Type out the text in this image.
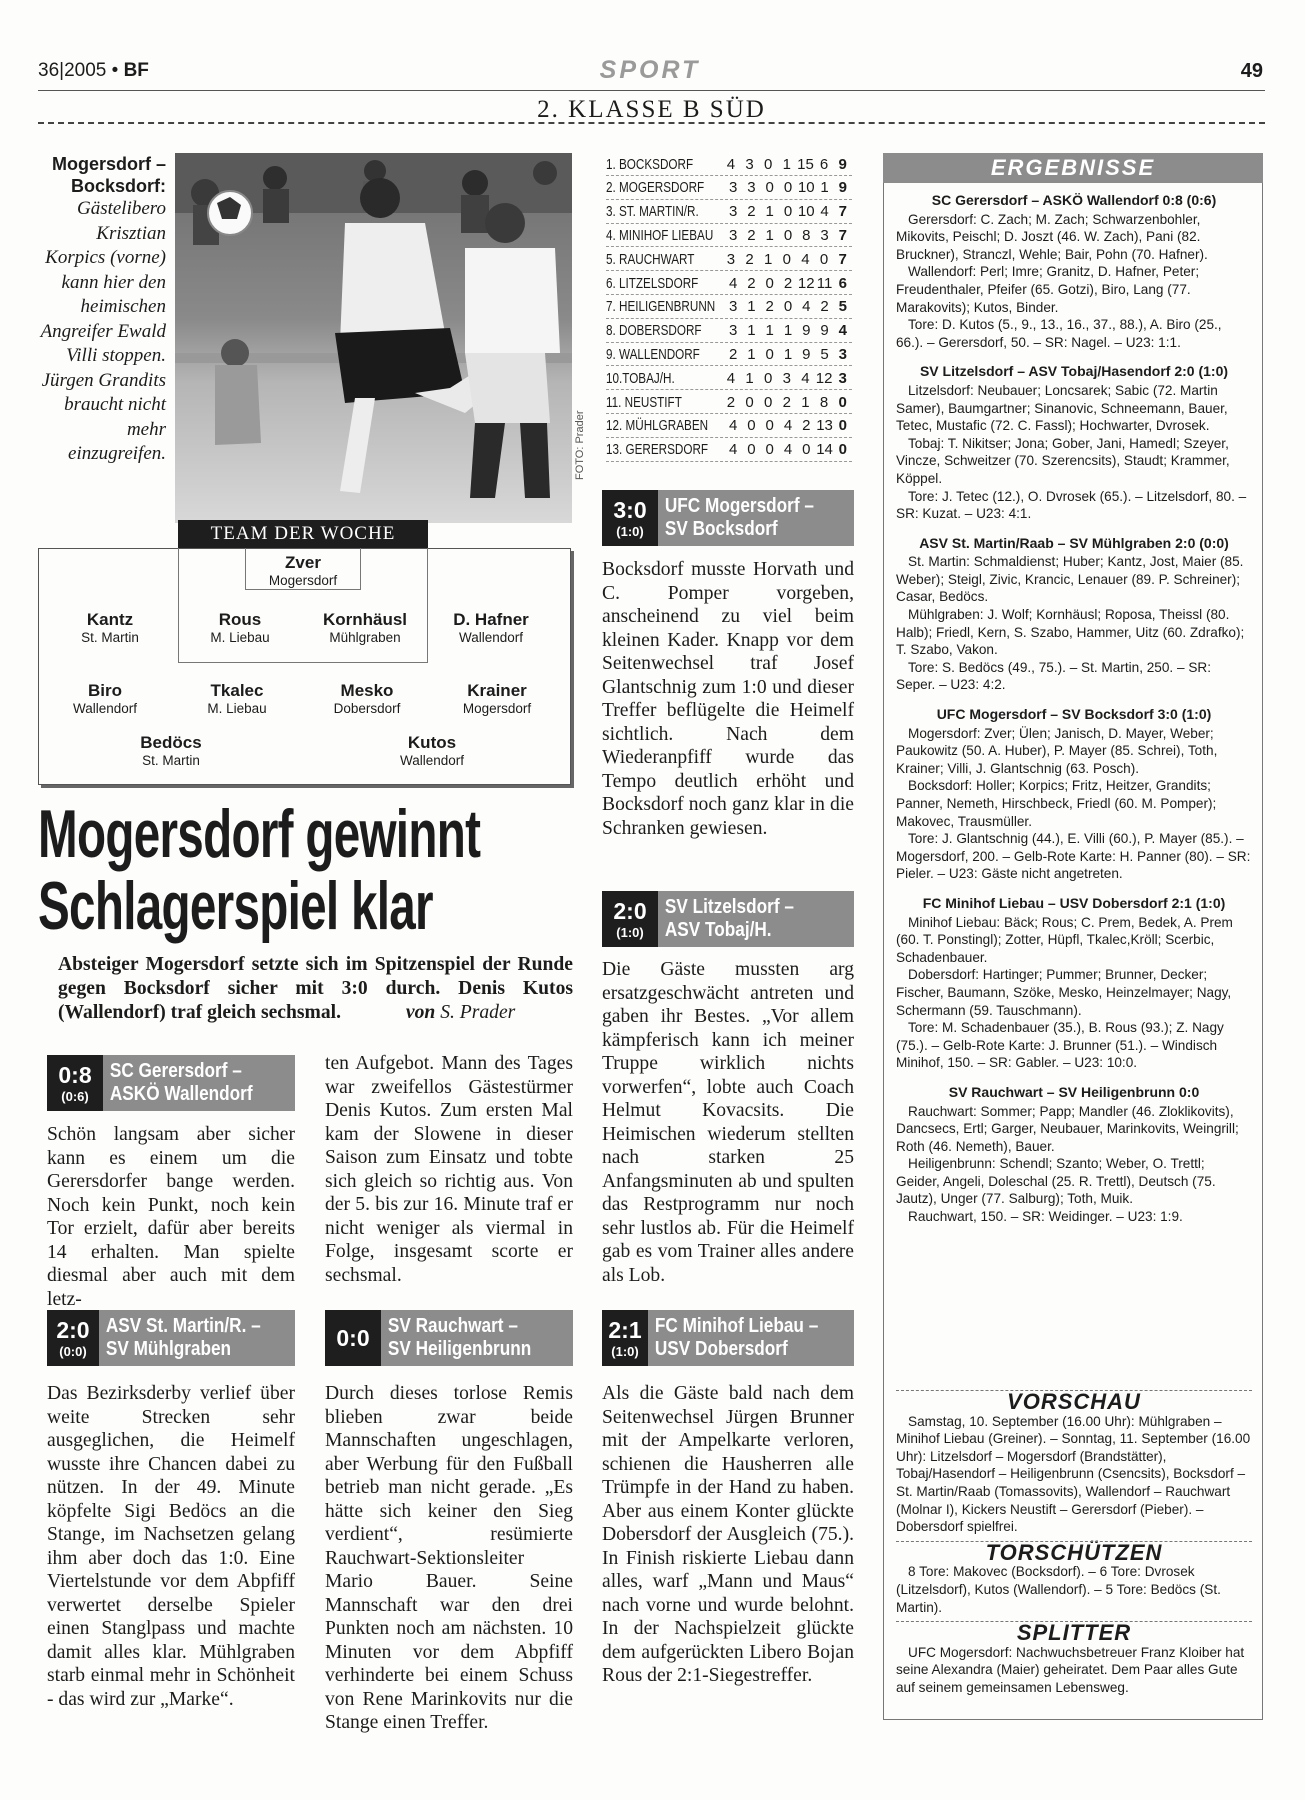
36|2005 • BF	SPORT	49
2. KLASSE B SÜD
Mogersdorf – Bocksdorf:
Gästelibero Krisztian Korpics (vorne) kann hier den heimischen Angreifer Ewald Villi stoppen. Jürgen Grandits braucht nicht mehr einzugreifen.	FOTO: Prader
TEAM DER WOCHE
Zver
Mogersdorf
Kantz
St. Martin
Rous
M. Liebau
Kornhäusl
Mühlgraben
D. Hafner
Wallendorf
Biro
Wallendorf
Tkalec
M. Liebau
Mesko
Dobersdorf
Krainer
Mogersdorf
Bedöcs
St. Martin
Kutos
Wallendorf
Mogersdorf gewinnt
Schlagerspiel klar
Absteiger Mogersdorf setzte sich im Spitzenspiel der Runde gegen Bocksdorf sicher mit 3:0 durch. Denis Kutos (Wallendorf) traf gleich sechsmal.	von S. Prader
0:8
(0:6)
SC Gerersdorf –
ASKÖ Wallendorf
2:0
(0:0)
ASV St. Martin/R. –
SV Mühlgraben	0:0 SV Rauchwart –
SV Heiligenbrunn
3:0
(1:0)
UFC Mogersdorf –
SV Bocksdorf
2:0
(1:0)
SV Litzelsdorf –
ASV Tobaj/H.
2:1
(1:0)
FC Minihof Liebau –
USV Dobersdorf

Schön langsam aber sicher kann es einem um die Gerersdorfer bange werden. Noch kein Punkt, noch kein Tor erzielt, dafür aber bereits 14 erhalten. Man spielte diesmal aber auch mit dem letz-

ten Aufgebot. Mann des Tages war zweifellos Gästestürmer Denis Kutos. Zum ersten Mal kam der Slowene in dieser Saison zum Einsatz und tobte sich gleich so richtig aus. Von der 5. bis zur 16. Minute traf er nicht weniger als viermal in Folge, insgesamt scorte er sechsmal.

Das Bezirksderby verlief über weite Strecken sehr ausgeglichen, die Heimelf wusste ihre Chancen dabei zu nützen. In der 49. Minute köpfelte Sigi Bedöcs an die Stange, im Nachsetzen gelang ihm aber doch das 1:0. Eine Viertelstunde vor dem Abpfiff verwertet derselbe Spieler einen Stanglpass und machte damit alles klar. Mühlgraben starb einmal mehr in Schönheit - das wird zur „Marke“.

Durch dieses torlose Remis blieben zwar beide Mannschaften ungeschlagen, aber Werbung für den Fußball betrieb man nicht gerade. „Es hätte sich keiner den Sieg verdient“, resümierte Rauchwart-Sektionsleiter Mario Bauer. Seine Mannschaft war den drei Punkten noch am nächsten. 10 Minuten vor dem Abpfiff verhinderte bei einem Schuss von Rene Marinkovits nur die Stange einen Treffer.

Bocksdorf musste Horvath und C. Pomper vorgeben, anscheinend zu viel beim kleinen Kader. Knapp vor dem Seitenwechsel traf Josef Glantschnig zum 1:0 und dieser Treffer beflügelte die Heimelf sichtlich. Nach dem Wiederanpfiff wurde das Tempo deutlich erhöht und Bocksdorf noch ganz klar in die Schranken gewiesen.

Die Gäste mussten arg ersatzgeschwächt antreten und gaben ihr Bestes. „Vor allem kämpferisch kann ich meiner Truppe wirklich nichts vorwerfen“, lobte auch Coach Helmut Kovacsits. Die Heimischen wiederum stellten nach starken 25 Anfangsminuten ab und spulten das Restprogramm nur noch sehr lustlos ab. Für die Heimelf gab es vom Trainer alles andere als Lob.

Als die Gäste bald nach dem Seitenwechsel Jürgen Brunner mit der Ampelkarte verloren, schienen die Hausherren alle Trümpfe in der Hand zu haben. Aber aus einem Konter glückte Dobersdorf der Ausgleich (75.). In Finish riskierte Liebau dann alles, warf „Mann und Maus“ nach vorne und wurde belohnt. In der Nachspielzeit glückte dem aufgerückten Libero Bojan Rous der 2:1-Siegestreffer.

1. BOCKSDORF	4 3 0 1 15 6 9
2. MOGERSDORF	3 3 0 0 10 1 9
3. ST. MARTIN/R.	3 2 1 0 10 4 7
4. MINIHOF LIEBAU	3 2 1 0 8 3 7
5. RAUCHWART	3 2 1 0 4 0 7
6. LITZELSDORF	4 2 0 2 12 11 6
7. HEILIGENBRUNN 3 1 2 0 4 2 5
8. DOBERSDORF	3 1 1 1 9 9 4
9. WALLENDORF	2 1 0 1 9 5 3
10.TOBAJ/H.	4 1 0 3 4 12 3
11. NEUSTIFT	2 0 0 2 1 8 0
12. MÜHLGRABEN	4 0 0 4 2 13 0
13. GERERSDORF	4 0 0 4 0 14 0
ERGEBNISSE
SC Gerersdorf – ASKÖ Wallendorf 0:8 (0:6)
Gerersdorf: C. Zach; M. Zach; Schwarzenbohler, Mikovits, Peischl; D. Joszt (46. W. Zach), Pani (82. Bruckner), Stranczl, Wehle; Bair, Pohn (70. Hafner).
Wallendorf: Perl; Imre; Granitz, D. Hafner, Peter; Freudenthaler, Pfeifer (65. Gotzi), Biro, Lang (77. Marakovits); Kutos, Binder.
Tore: D. Kutos (5., 9., 13., 16., 37., 88.), A. Biro (25., 66.). – Gerersdorf, 50. – SR: Nagel. – U23: 1:1.
SV Litzelsdorf – ASV Tobaj/Hasendorf 2:0 (1:0)
Litzelsdorf: Neubauer; Loncsarek; Sabic (72. Martin Samer), Baumgartner; Sinanovic, Schneemann, Bauer, Tetec, Mustafic (72. C. Fassl); Hochwarter, Dvrosek.
Tobaj: T. Nikitser; Jona; Gober, Jani, Hamedl; Szeyer, Vincze, Schweitzer (70. Szerencsits), Staudt; Krammer, Köppel.
Tore: J. Tetec (12.), O. Dvrosek (65.). – Litzelsdorf, 80. – SR: Kuzat. – U23: 4:1.
ASV St. Martin/Raab – SV Mühlgraben 2:0 (0:0)
St. Martin: Schmaldienst; Huber; Kantz, Jost, Maier (85. Weber); Steigl, Zivic, Krancic, Lenauer (89. P. Schreiner); Casar, Bedöcs.
Mühlgraben: J. Wolf; Kornhäusl; Roposa, Theissl (80. Halb); Friedl, Kern, S. Szabo, Hammer, Uitz (60. Zdrafko); T. Szabo, Vakon.
Tore: S. Bedöcs (49., 75.). – St. Martin, 250. – SR: Seper. – U23: 4:2.
UFC Mogersdorf – SV Bocksdorf 3:0 (1:0)
Mogersdorf: Zver; Ülen; Janisch, D. Mayer, Weber; Paukowitz (50. A. Huber), P. Mayer (85. Schrei), Toth, Krainer; Villi, J. Glantschnig (63. Posch).
Bocksdorf: Holler; Korpics; Fritz, Heitzer, Grandits; Panner, Nemeth, Hirschbeck, Friedl (60. M. Pomper); Makovec, Trausmüller.
Tore: J. Glantschnig (44.), E. Villi (60.), P. Mayer (85.). – Mogersdorf, 200. – Gelb-Rote Karte: H. Panner (80). – SR: Pieler. – U23: Gäste nicht angetreten.
FC Minihof Liebau – USV Dobersdorf 2:1 (1:0)
Minihof Liebau: Bäck; Rous; C. Prem, Bedek, A. Prem (60. T. Ponstingl); Zotter, Hüpfl, Tkalec,Kröll; Scerbic, Schadenbauer.
Dobersdorf: Hartinger; Pummer; Brunner, Decker; Fischer, Baumann, Szöke, Mesko, Heinzelmayer; Nagy, Schermann (59. Tauschmann).
Tore: M. Schadenbauer (35.), B. Rous (93.); Z. Nagy (75.). – Gelb-Rote Karte: J. Brunner (51.). – Windisch Minihof, 150. – SR: Gabler. – U23: 10:0.
SV Rauchwart – SV Heiligenbrunn 0:0
Rauchwart: Sommer; Papp; Mandler (46. Zloklikovits), Dancsecs, Ertl; Garger, Neubauer, Marinkovits, Weingrill; Roth (46. Nemeth), Bauer.
Heiligenbrunn: Schendl; Szanto; Weber, O. Trettl; Geider, Angeli, Doleschal (25. R. Trettl), Deutsch (75. Jautz), Unger (77. Salburg); Toth, Muik.
Rauchwart, 150. – SR: Weidinger. – U23: 1:9.
VORSCHAU
Samstag, 10. September (16.00 Uhr): Mühlgraben – Minihof Liebau (Greiner). – Sonntag, 11. September (16.00 Uhr): Litzelsdorf – Mogersdorf (Brandstätter), Tobaj/Hasendorf – Heiligenbrunn (Csencsits), Bocksdorf – St. Martin/Raab (Tomassovits), Wallendorf – Rauchwart (Molnar I), Kickers Neustift – Gerersdorf (Pieber). – Dobersdorf spielfrei.
TORSCHÜTZEN
8 Tore: Makovec (Bocksdorf). – 6 Tore: Dvrosek (Litzelsdorf), Kutos (Wallendorf). – 5 Tore: Bedöcs (St. Martin).
SPLITTER
UFC Mogersdorf: Nachwuchsbetreuer Franz Kloiber hat seine Alexandra (Maier) geheiratet. Dem Paar alles Gute auf seinem gemeinsamen Lebensweg.
